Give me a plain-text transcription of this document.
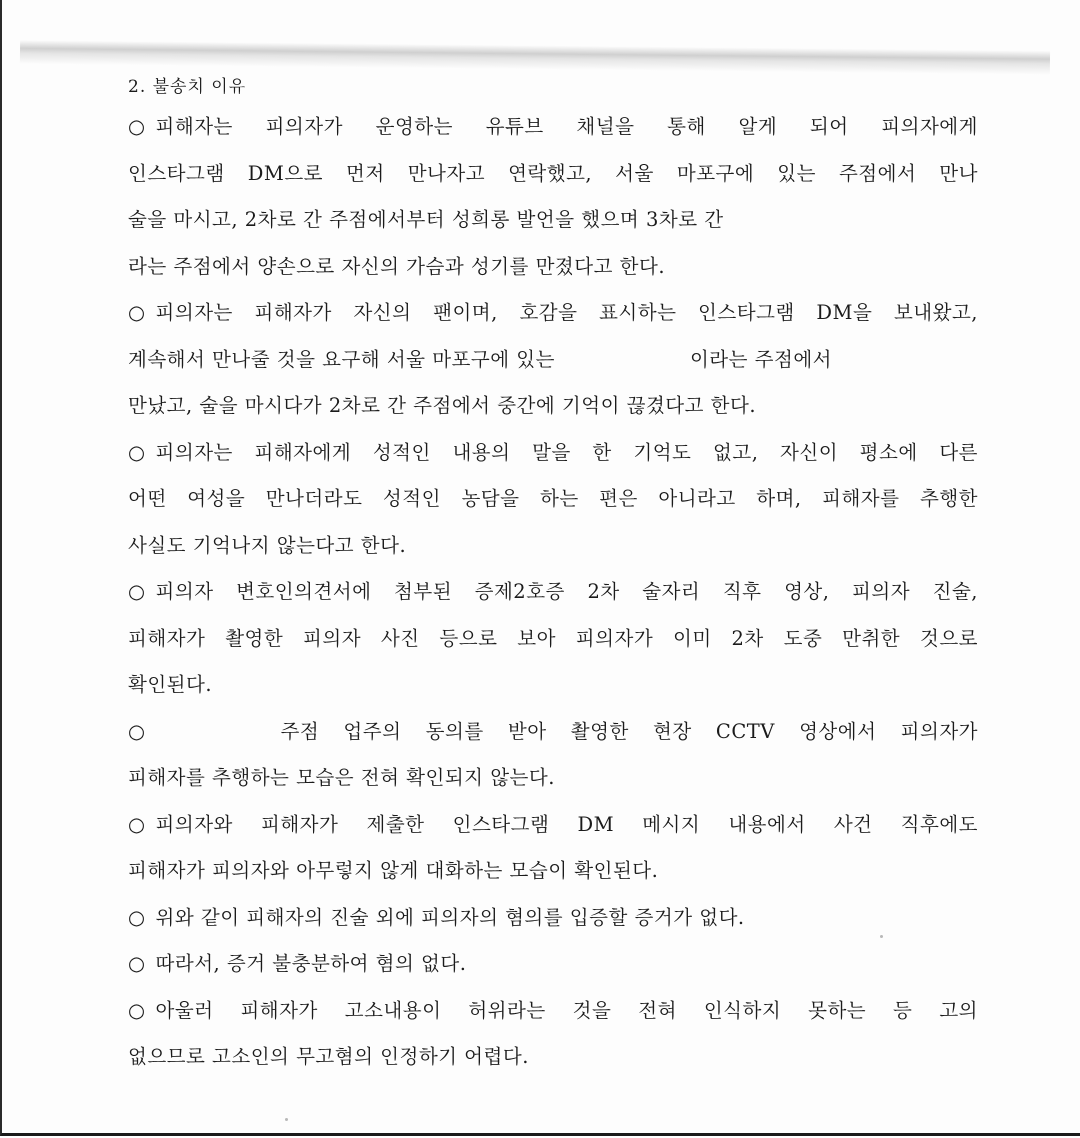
2. 불송치 이유
○ 피해자는 피의자가 운영하는 유튜브 채널을 통해 알게 되어 피의자에게
인스타그램 DM으로 먼저 만나자고 연락했고, 서울 마포구에 있는 주점에서 만나
술을 마시고, 2차로 간 주점에서부터 성희롱 발언을 했으며 3차로 간
라는 주점에서 양손으로 자신의 가슴과 성기를 만졌다고 한다.
○ 피의자는 피해자가 자신의 팬이며, 호감을 표시하는 인스타그램 DM을 보내왔고,
계속해서 만나줄 것을 요구해 서울 마포구에 있는	이라는 주점에서
만났고, 술을 마시다가 2차로 간 주점에서 중간에 기억이 끊겼다고 한다.
○ 피의자는 피해자에게 성적인 내용의 말을 한 기억도 없고, 자신이 평소에 다른
어떤 여성을 만나더라도 성적인 농담을 하는 편은 아니라고 하며, 피해자를 추행한
사실도 기억나지 않는다고 한다.
○ 피의자 변호인의견서에 첨부된 증제2호증 2차 술자리 직후 영상, 피의자 진술,
피해자가 촬영한 피의자 사진 등으로 보아 피의자가 이미 2차 도중 만취한 것으로
확인된다.
○	주점 업주의 동의를 받아 촬영한 현장 CCTV 영상에서 피의자가
피해자를 추행하는 모습은 전혀 확인되지 않는다.
○ 피의자와 피해자가 제출한 인스타그램 DM 메시지 내용에서 사건 직후에도
피해자가 피의자와 아무렇지 않게 대화하는 모습이 확인된다.
○ 위와 같이 피해자의 진술 외에 피의자의 혐의를 입증할 증거가 없다.
○ 따라서, 증거 불충분하여 혐의 없다.
○ 아울러 피해자가 고소내용이 허위라는 것을 전혀 인식하지 못하는 등 고의
없으므로 고소인의 무고혐의 인정하기 어렵다.
